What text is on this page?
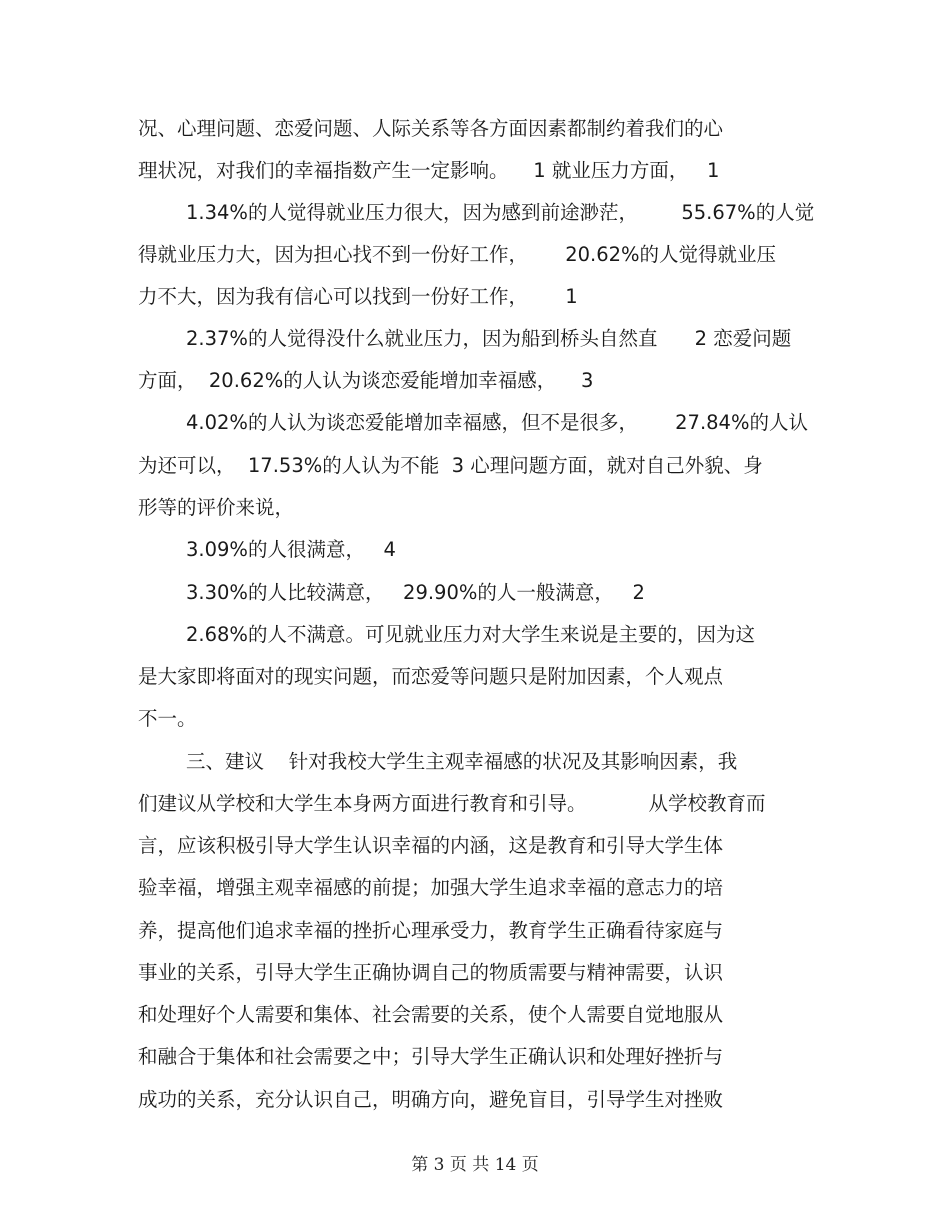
况、心理问题、恋爱问题、人际关系等各方面因素都制约着我们的心
理状况，对我们的幸福指数产生一定影响。    1 就业压力方面，   1
1.34%的人觉得就业压力很大，因为感到前途渺茫，       55.67%的人觉
得就业压力大，因为担心找不到一份好工作，      20.62%的人觉得就业压
力不大，因为我有信心可以找到一份好工作，      1
2.37%的人觉得没什么就业压力，因为船到桥头自然直      2 恋爱问题
方面，  20.62%的人认为谈恋爱能增加幸福感，    3
4.02%的人认为谈恋爱能增加幸福感，但不是很多，      27.84%的人认
为还可以，  17.53%的人认为不能  3 心理问题方面，就对自己外貌、身
形等的评价来说，
3.09%的人很满意，   4
3.30%的人比较满意，   29.90%的人一般满意，   2
2.68%的人不满意。可见就业压力对大学生来说是主要的，因为这
是大家即将面对的现实问题，而恋爱等问题只是附加因素，个人观点
不一。
三、建议    针对我校大学生主观幸福感的状况及其影响因素，我
们建议从学校和大学生本身两方面进行教育和引导。          从学校教育而
言，应该积极引导大学生认识幸福的内涵，这是教育和引导大学生体
验幸福，增强主观幸福感的前提；加强大学生追求幸福的意志力的培
养，提高他们追求幸福的挫折心理承受力，教育学生正确看待家庭与
事业的关系，引导大学生正确协调自己的物质需要与精神需要，认识
和处理好个人需要和集体、社会需要的关系，使个人需要自觉地服从
和融合于集体和社会需要之中；引导大学生正确认识和处理好挫折与
成功的关系，充分认识自己，明确方向，避免盲目，引导学生对挫败
第 3 页 共 14 页
